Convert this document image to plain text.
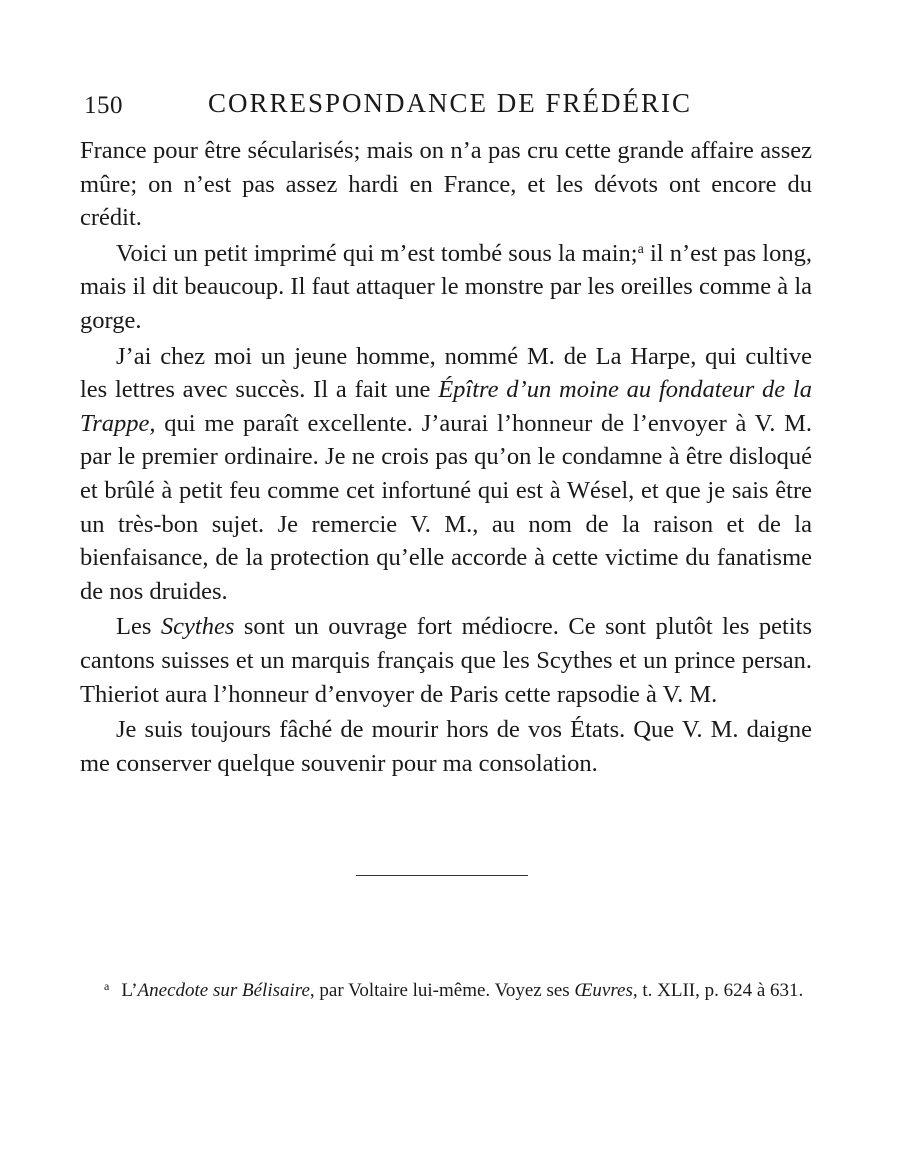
150	CORRESPONDANCE DE FRÉDÉRIC

France pour être sécularisés; mais on n’a pas cru cette grande affaire assez mûre; on n’est pas assez hardi en France, et les dévots ont encore du crédit.

Voici un petit imprimé qui m’est tombé sous la main;$^a$ il n’est pas long, mais il dit beaucoup. Il faut attaquer le monstre par les oreilles comme à la gorge.

J’ai chez moi un jeune homme, nommé M. de La Harpe, qui cultive les lettres avec succès. Il a fait une Épître d’un moine au fondateur de la Trappe, qui me paraît excellente. J’aurai l’honneur de l’envoyer à V. M. par le premier ordinaire. Je ne crois pas qu’on le condamne à être disloqué et brûlé à petit feu comme cet infortuné qui est à Wésel, et que je sais être un très-bon sujet. Je remercie V. M., au nom de la raison et de la bienfaisance, de la protection qu’elle accorde à cette victime du fanatisme de nos druides.

Les Scythes sont un ouvrage fort médiocre. Ce sont plutôt les petits cantons suisses et un marquis français que les Scythes et un prince persan. Thieriot aura l’honneur d’envoyer de Paris cette rapsodie à V. M.

Je suis toujours fâché de mourir hors de vos États. Que V. M. daigne me conserver quelque souvenir pour ma consolation.

$^a$ L’Anecdote sur Bélisaire, par Voltaire lui-même. Voyez ses Œuvres, t. XLII, p. 624 à 631.
